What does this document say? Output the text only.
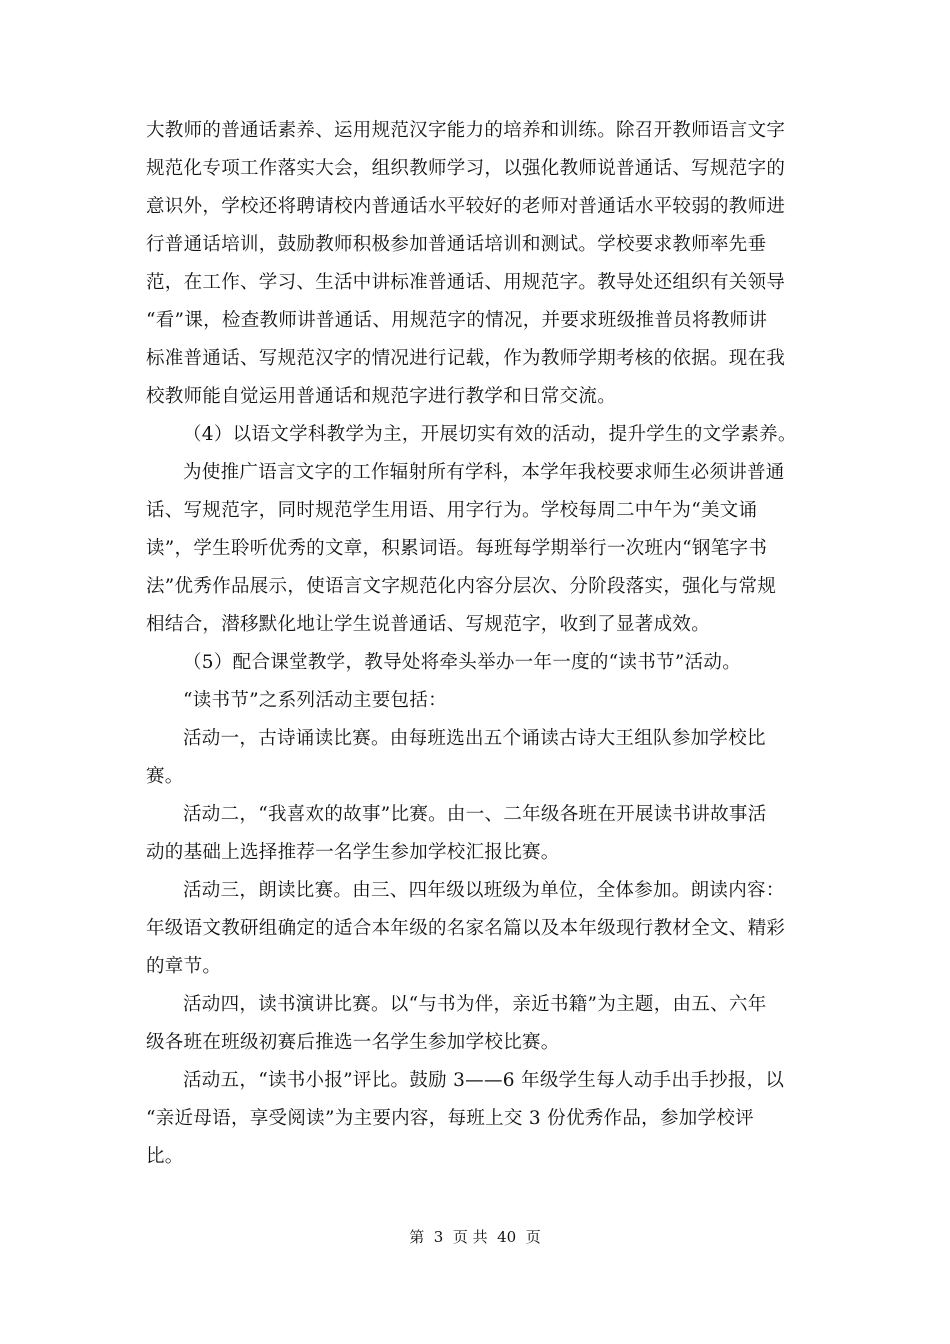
大教师的普通话素养、运用规范汉字能力的培养和训练。除召开教师语言文字
规范化专项工作落实大会，组织教师学习，以强化教师说普通话、写规范字的
意识外，学校还将聘请校内普通话水平较好的老师对普通话水平较弱的教师进
行普通话培训，鼓励教师积极参加普通话培训和测试。学校要求教师率先垂
范，在工作、学习、生活中讲标准普通话、用规范字。教导处还组织有关领导
“看”课，检查教师讲普通话、用规范字的情况，并要求班级推普员将教师讲
标准普通话、写规范汉字的情况进行记载，作为教师学期考核的依据。现在我
校教师能自觉运用普通话和规范字进行教学和日常交流。
（4）以语文学科教学为主，开展切实有效的活动，提升学生的文学素养。
为使推广语言文字的工作辐射所有学科，本学年我校要求师生必须讲普通
话、写规范字，同时规范学生用语、用字行为。学校每周二中午为“美文诵
读”，学生聆听优秀的文章，积累词语。每班每学期举行一次班内“钢笔字书
法”优秀作品展示，使语言文字规范化内容分层次、分阶段落实，强化与常规
相结合，潜移默化地让学生说普通话、写规范字，收到了显著成效。
（5）配合课堂教学，教导处将牵头举办一年一度的“读书节”活动。
“读书节”之系列活动主要包括：
活动一，古诗诵读比赛。由每班选出五个诵读古诗大王组队参加学校比
赛。
活动二，“我喜欢的故事”比赛。由一、二年级各班在开展读书讲故事活
动的基础上选择推荐一名学生参加学校汇报比赛。
活动三，朗读比赛。由三、四年级以班级为单位，全体参加。朗读内容：
年级语文教研组确定的适合本年级的名家名篇以及本年级现行教材全文、精彩
的章节。
活动四，读书演讲比赛。以“与书为伴，亲近书籍”为主题，由五、六年
级各班在班级初赛后推选一名学生参加学校比赛。
活动五，“读书小报”评比。鼓励 3——6 年级学生每人动手出手抄报，以
“亲近母语，享受阅读”为主要内容，每班上交 3 份优秀作品，参加学校评
比。
第  3  页 共  40  页
